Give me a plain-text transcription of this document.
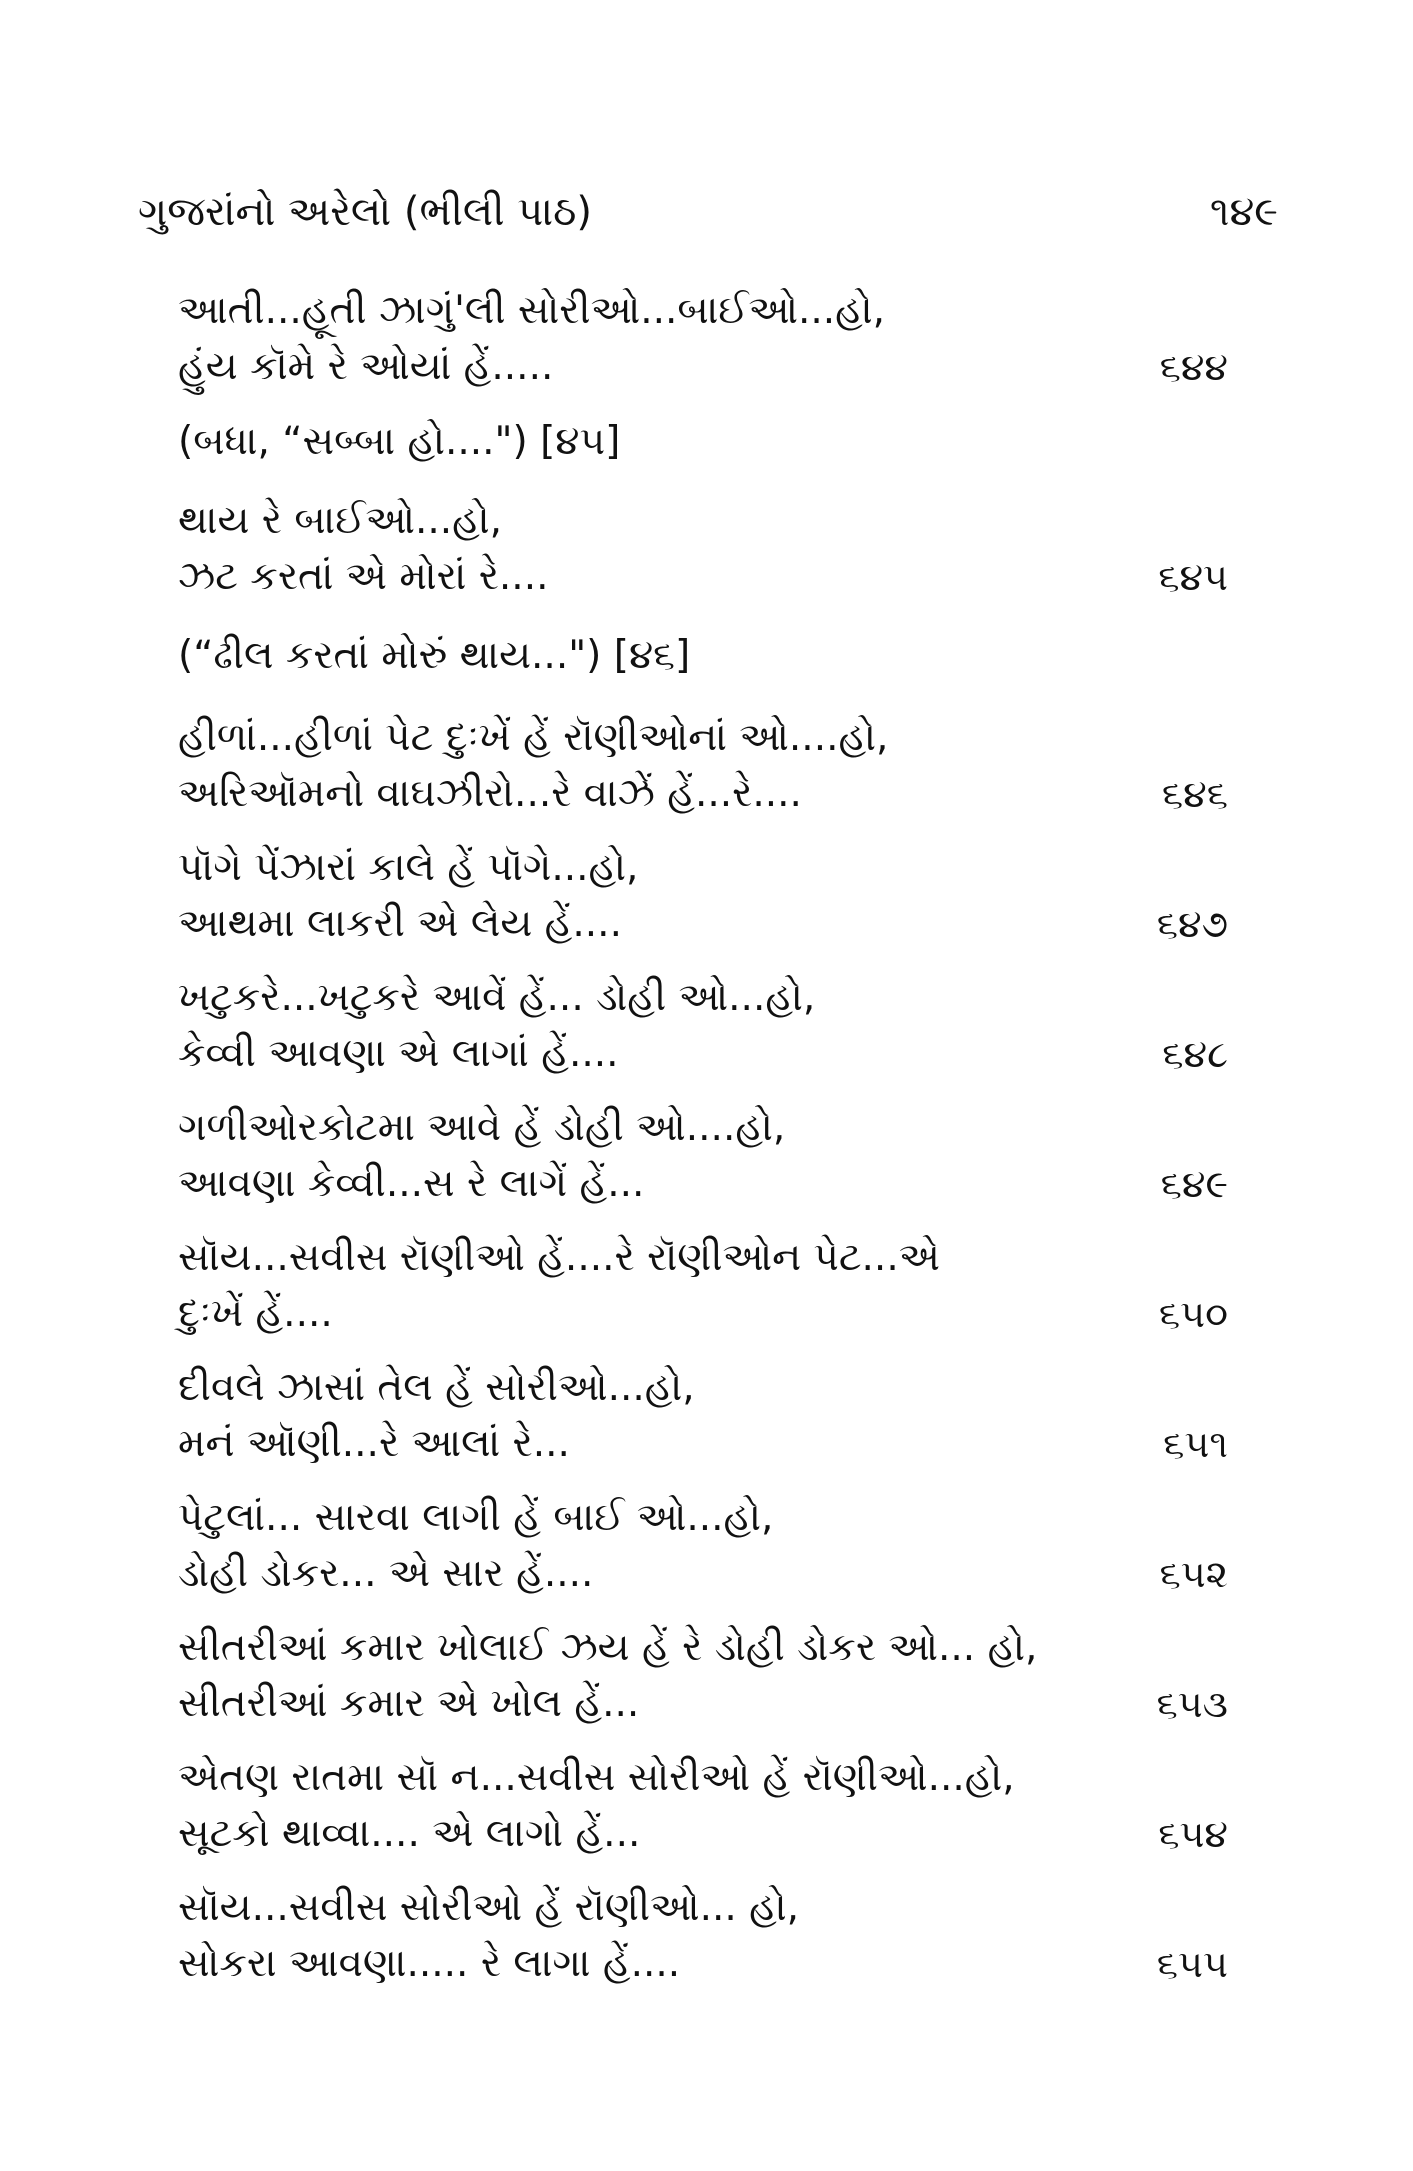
ગુજરાંનો અરેલો (ભીલી પાઠ)	૧૪૯
આતી...હૂતી ઝાગું'લી સોરીઓ...બાઈઓ...હો,
હુંય કૉમે રે ઓયાં હેં.....	૬૪૪
(બધા, “સબ્બા હો....") [૪૫]
થાય રે બાઈઓ...હો,
ઝટ કરતાં એ મોરાં રે....	૬૪૫
(“ઢીલ કરતાં મોરું થાય...") [૪૬]
હીળાં...હીળાં પેટ દુઃખેં હેં રૉણીઓનાં ઓ....હો,
અરિઑમનો વાઘઝીરો...રે વાઝેં હેં...રે....	૬૪૬
પૉગે પેંઝારાં કાલે હેં પૉગે...હો,
આથમા લાકરી એ લેય હેં....	૬૪૭
ખટુકરે...ખટુકરે આવેં હેં... ડોહી ઓ...હો,
કેવ્વી આવણા એ લાગાં હેં....	૬૪૮
ગળીઓરકોટમા આવે હેં ડોહી ઓ....હો,
આવણા કેવ્વી...સ રે લાગેં હેં...	૬૪૯
સૉય...સવીસ રૉણીઓ હેં....રે રૉણીઓન પેટ...એ
દુઃખેં હેં....	૬૫૦
દીવલે ઝાસાં તેલ હેં સોરીઓ...હો,
મનં ઑણી...રે આલાં રે...	૬૫૧
પેટુલાં... સારવા લાગી હેં બાઈ ઓ...હો,
ડોહી ડોકર... એ સાર હેં....	૬૫૨
સીતરીઆં કમાર ખોલાઈ ઝય હેં રે ડોહી ડોકર ઓ... હો,
સીતરીઆં કમાર એ ખોલ હેં...	૬૫૩
એતણ રાતમા સૉ ન...સવીસ સોરીઓ હેં રૉણીઓ...હો,
સૂટકો થાવ્વા.... એ લાગો હેં...	૬૫૪
સૉય...સવીસ સોરીઓ હેં રૉણીઓ... હો,
સોકરા આવણા..... રે લાગા હેં....	૬૫૫
